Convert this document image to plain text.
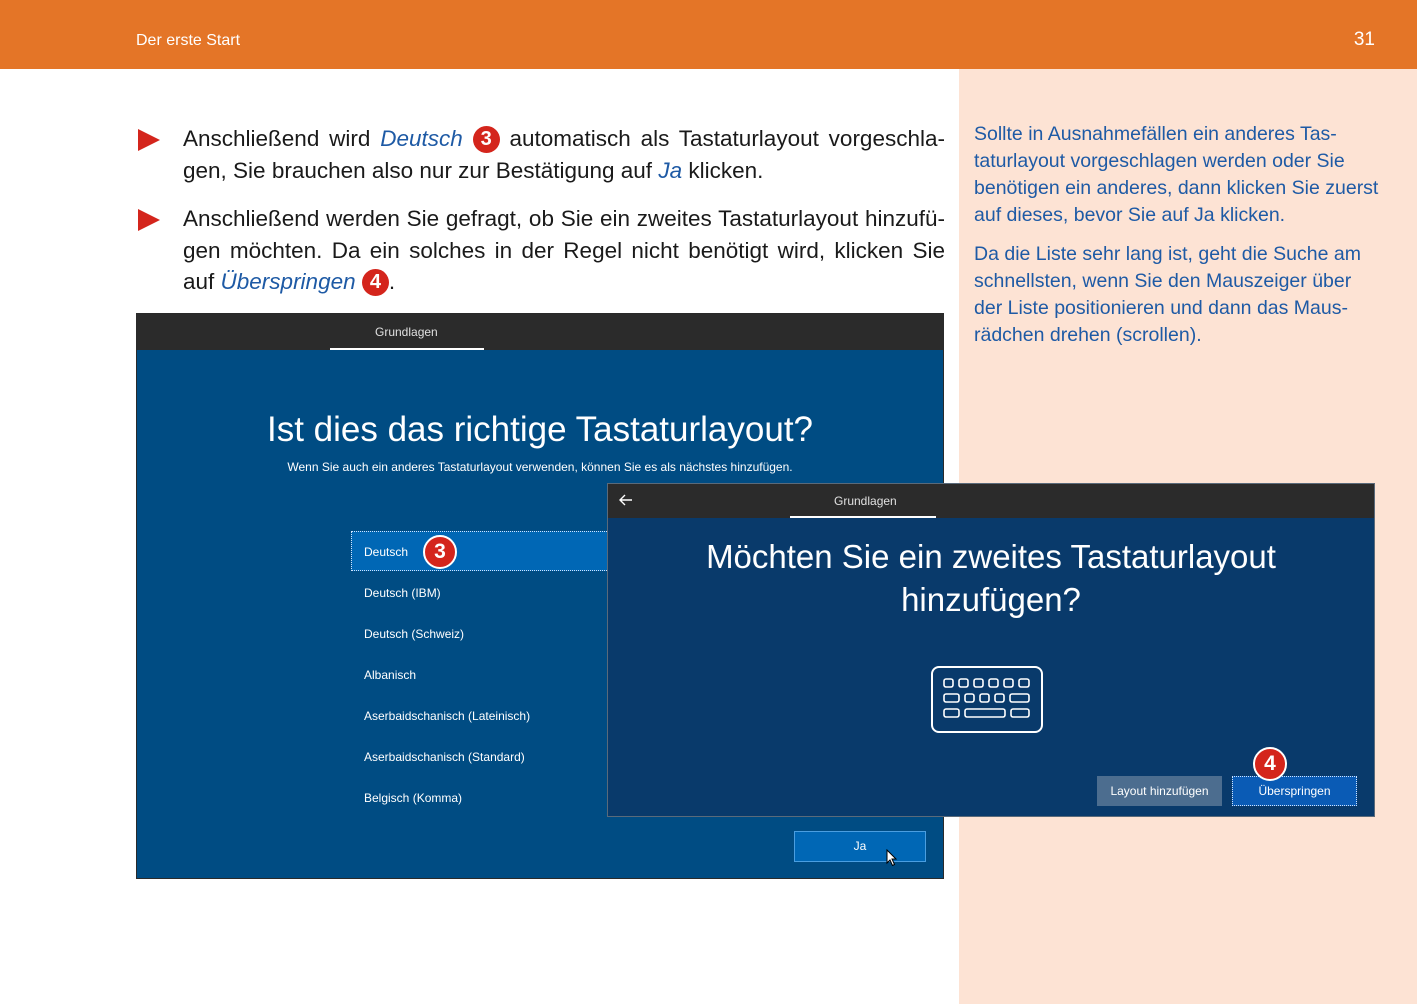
Der erste Start	31

Sollte in Ausnahmefällen ein anderes Tastaturlayout vorgeschlagen werden oder Sie benötigen ein anderes, dann klicken Sie zuerst auf dieses, bevor Sie auf Ja klicken.

Da die Liste sehr lang ist, geht die Suche am schnellsten, wenn Sie den Mauszeiger über der Liste positionieren und dann das Mausrädchen drehen (scrollen).

Anschließend wird Deutsch 3 automatisch als Tastaturlayout vorgeschlagen, Sie brauchen also nur zur Bestätigung auf Ja klicken.

Anschließend werden Sie gefragt, ob Sie ein zweites Tastaturlayout hinzufügen möchten. Da ein solches in der Regel nicht benötigt wird, klicken Sie auf Überspringen 4 .

Grundlagen
Ist dies das richtige Tastaturlayout?
Wenn Sie auch ein anderes Tastaturlayout verwenden, können Sie es als nächstes hinzufügen.
Deutsch
Deutsch (IBM)
Deutsch (Schweiz)
Albanisch
Aserbaidschanisch (Lateinisch)
Aserbaidschanisch (Standard)
Belgisch (Komma)
3
Ja
Grundlagen
Möchten Sie ein zweites Tastaturlayout
hinzufügen?
Layout hinzufügen	Überspringen
4
